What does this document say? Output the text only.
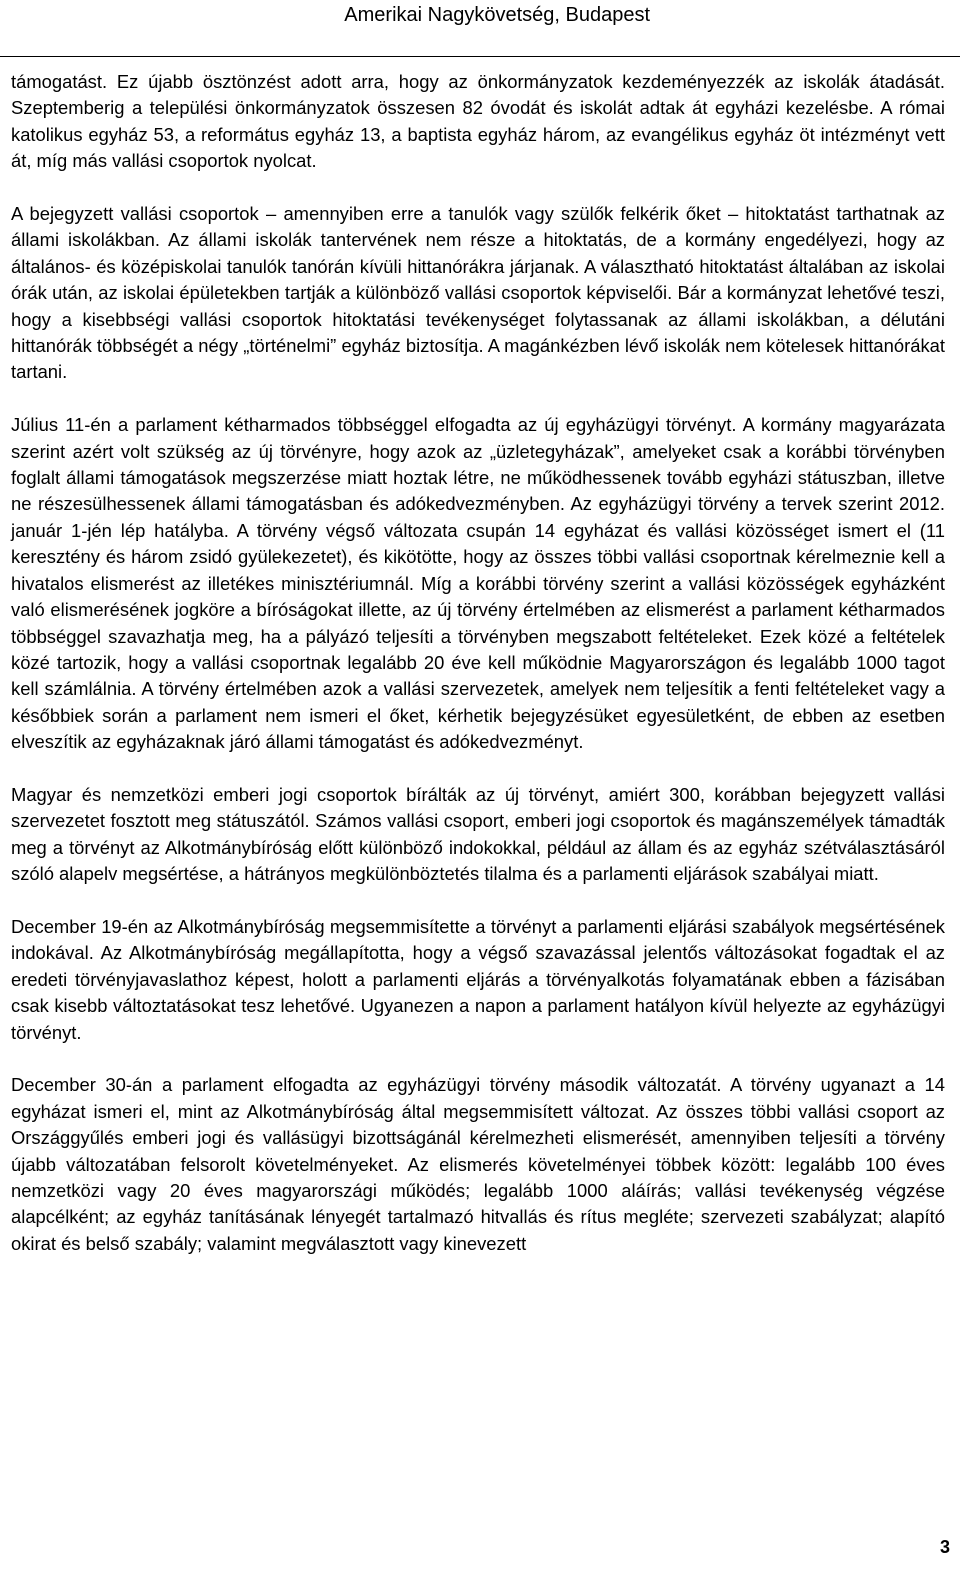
Amerikai Nagykövetség, Budapest

támogatást. Ez újabb ösztönzést adott arra, hogy az önkormányzatok kezdeményezzék az iskolák átadását. Szeptemberig a települési önkormányzatok összesen 82 óvodát és iskolát adtak át egyházi kezelésbe. A római katolikus egyház 53, a református egyház 13, a baptista egyház három, az evangélikus egyház öt intézményt vett át, míg más vallási csoportok nyolcat.

A bejegyzett vallási csoportok – amennyiben erre a tanulók vagy szülők felkérik őket – hitoktatást tarthatnak az állami iskolákban. Az állami iskolák tantervének nem része a hitoktatás, de a kormány engedélyezi, hogy az általános- és középiskolai tanulók tanórán kívüli hittanórákra járjanak. A választható hitoktatást általában az iskolai órák után, az iskolai épületekben tartják a különböző vallási csoportok képviselői. Bár a kormányzat lehetővé teszi, hogy a kisebbségi vallási csoportok hitoktatási tevékenységet folytassanak az állami iskolákban, a délutáni hittanórák többségét a négy „történelmi” egyház biztosítja. A magánkézben lévő iskolák nem kötelesek hittanórákat tartani.

Július 11-én a parlament kétharmados többséggel elfogadta az új egyházügyi törvényt. A kormány magyarázata szerint azért volt szükség az új törvényre, hogy azok az „üzletegyházak”, amelyeket csak a korábbi törvényben foglalt állami támogatások megszerzése miatt hoztak létre, ne működhessenek tovább egyházi státuszban, illetve ne részesülhessenek állami támogatásban és adókedvezményben. Az egyházügyi törvény a tervek szerint 2012. január 1-jén lép hatályba. A törvény végső változata csupán 14 egyházat és vallási közösséget ismert el (11 keresztény és három zsidó gyülekezetet), és kikötötte, hogy az összes többi vallási csoportnak kérelmeznie kell a hivatalos elismerést az illetékes minisztériumnál. Míg a korábbi törvény szerint a vallási közösségek egyházként való elismerésének jogköre a bíróságokat illette, az új törvény értelmében az elismerést a parlament kétharmados többséggel szavazhatja meg, ha a pályázó teljesíti a törvényben megszabott feltételeket. Ezek közé a feltételek közé tartozik, hogy a vallási csoportnak legalább 20 éve kell működnie Magyarországon és legalább 1000 tagot kell számlálnia. A törvény értelmében azok a vallási szervezetek, amelyek nem teljesítik a fenti feltételeket vagy a későbbiek során a parlament nem ismeri el őket, kérhetik bejegyzésüket egyesületként, de ebben az esetben elveszítik az egyházaknak járó állami támogatást és adókedvezményt.

Magyar és nemzetközi emberi jogi csoportok bírálták az új törvényt, amiért 300, korábban bejegyzett vallási szervezetet fosztott meg státuszától. Számos vallási csoport, emberi jogi csoportok és magánszemélyek támadták meg a törvényt az Alkotmánybíróság előtt különböző indokokkal, például az állam és az egyház szétválasztásáról szóló alapelv megsértése, a hátrányos megkülönböztetés tilalma és a parlamenti eljárások szabályai miatt.

December 19-én az Alkotmánybíróság megsemmisítette a törvényt a parlamenti eljárási szabályok megsértésének indokával. Az Alkotmánybíróság megállapította, hogy a végső szavazással jelentős változásokat fogadtak el az eredeti törvényjavaslathoz képest, holott a parlamenti eljárás a törvényalkotás folyamatának ebben a fázisában csak kisebb változtatásokat tesz lehetővé. Ugyanezen a napon a parlament hatályon kívül helyezte az egyházügyi törvényt.

December 30-án a parlament elfogadta az egyházügyi törvény második változatát. A törvény ugyanazt a 14 egyházat ismeri el, mint az Alkotmánybíróság által megsemmisített változat. Az összes többi vallási csoport az Országgyűlés emberi jogi és vallásügyi bizottságánál kérelmezheti elismerését, amennyiben teljesíti a törvény újabb változatában felsorolt követelményeket. Az elismerés követelményei többek között: legalább 100 éves nemzetközi vagy 20 éves magyarországi működés; legalább 1000 aláírás; vallási tevékenység végzése alapcélként; az egyház tanításának lényegét tartalmazó hitvallás és rítus megléte; szervezeti szabályzat; alapító okirat és belső szabály; valamint megválasztott vagy kinevezett

3
